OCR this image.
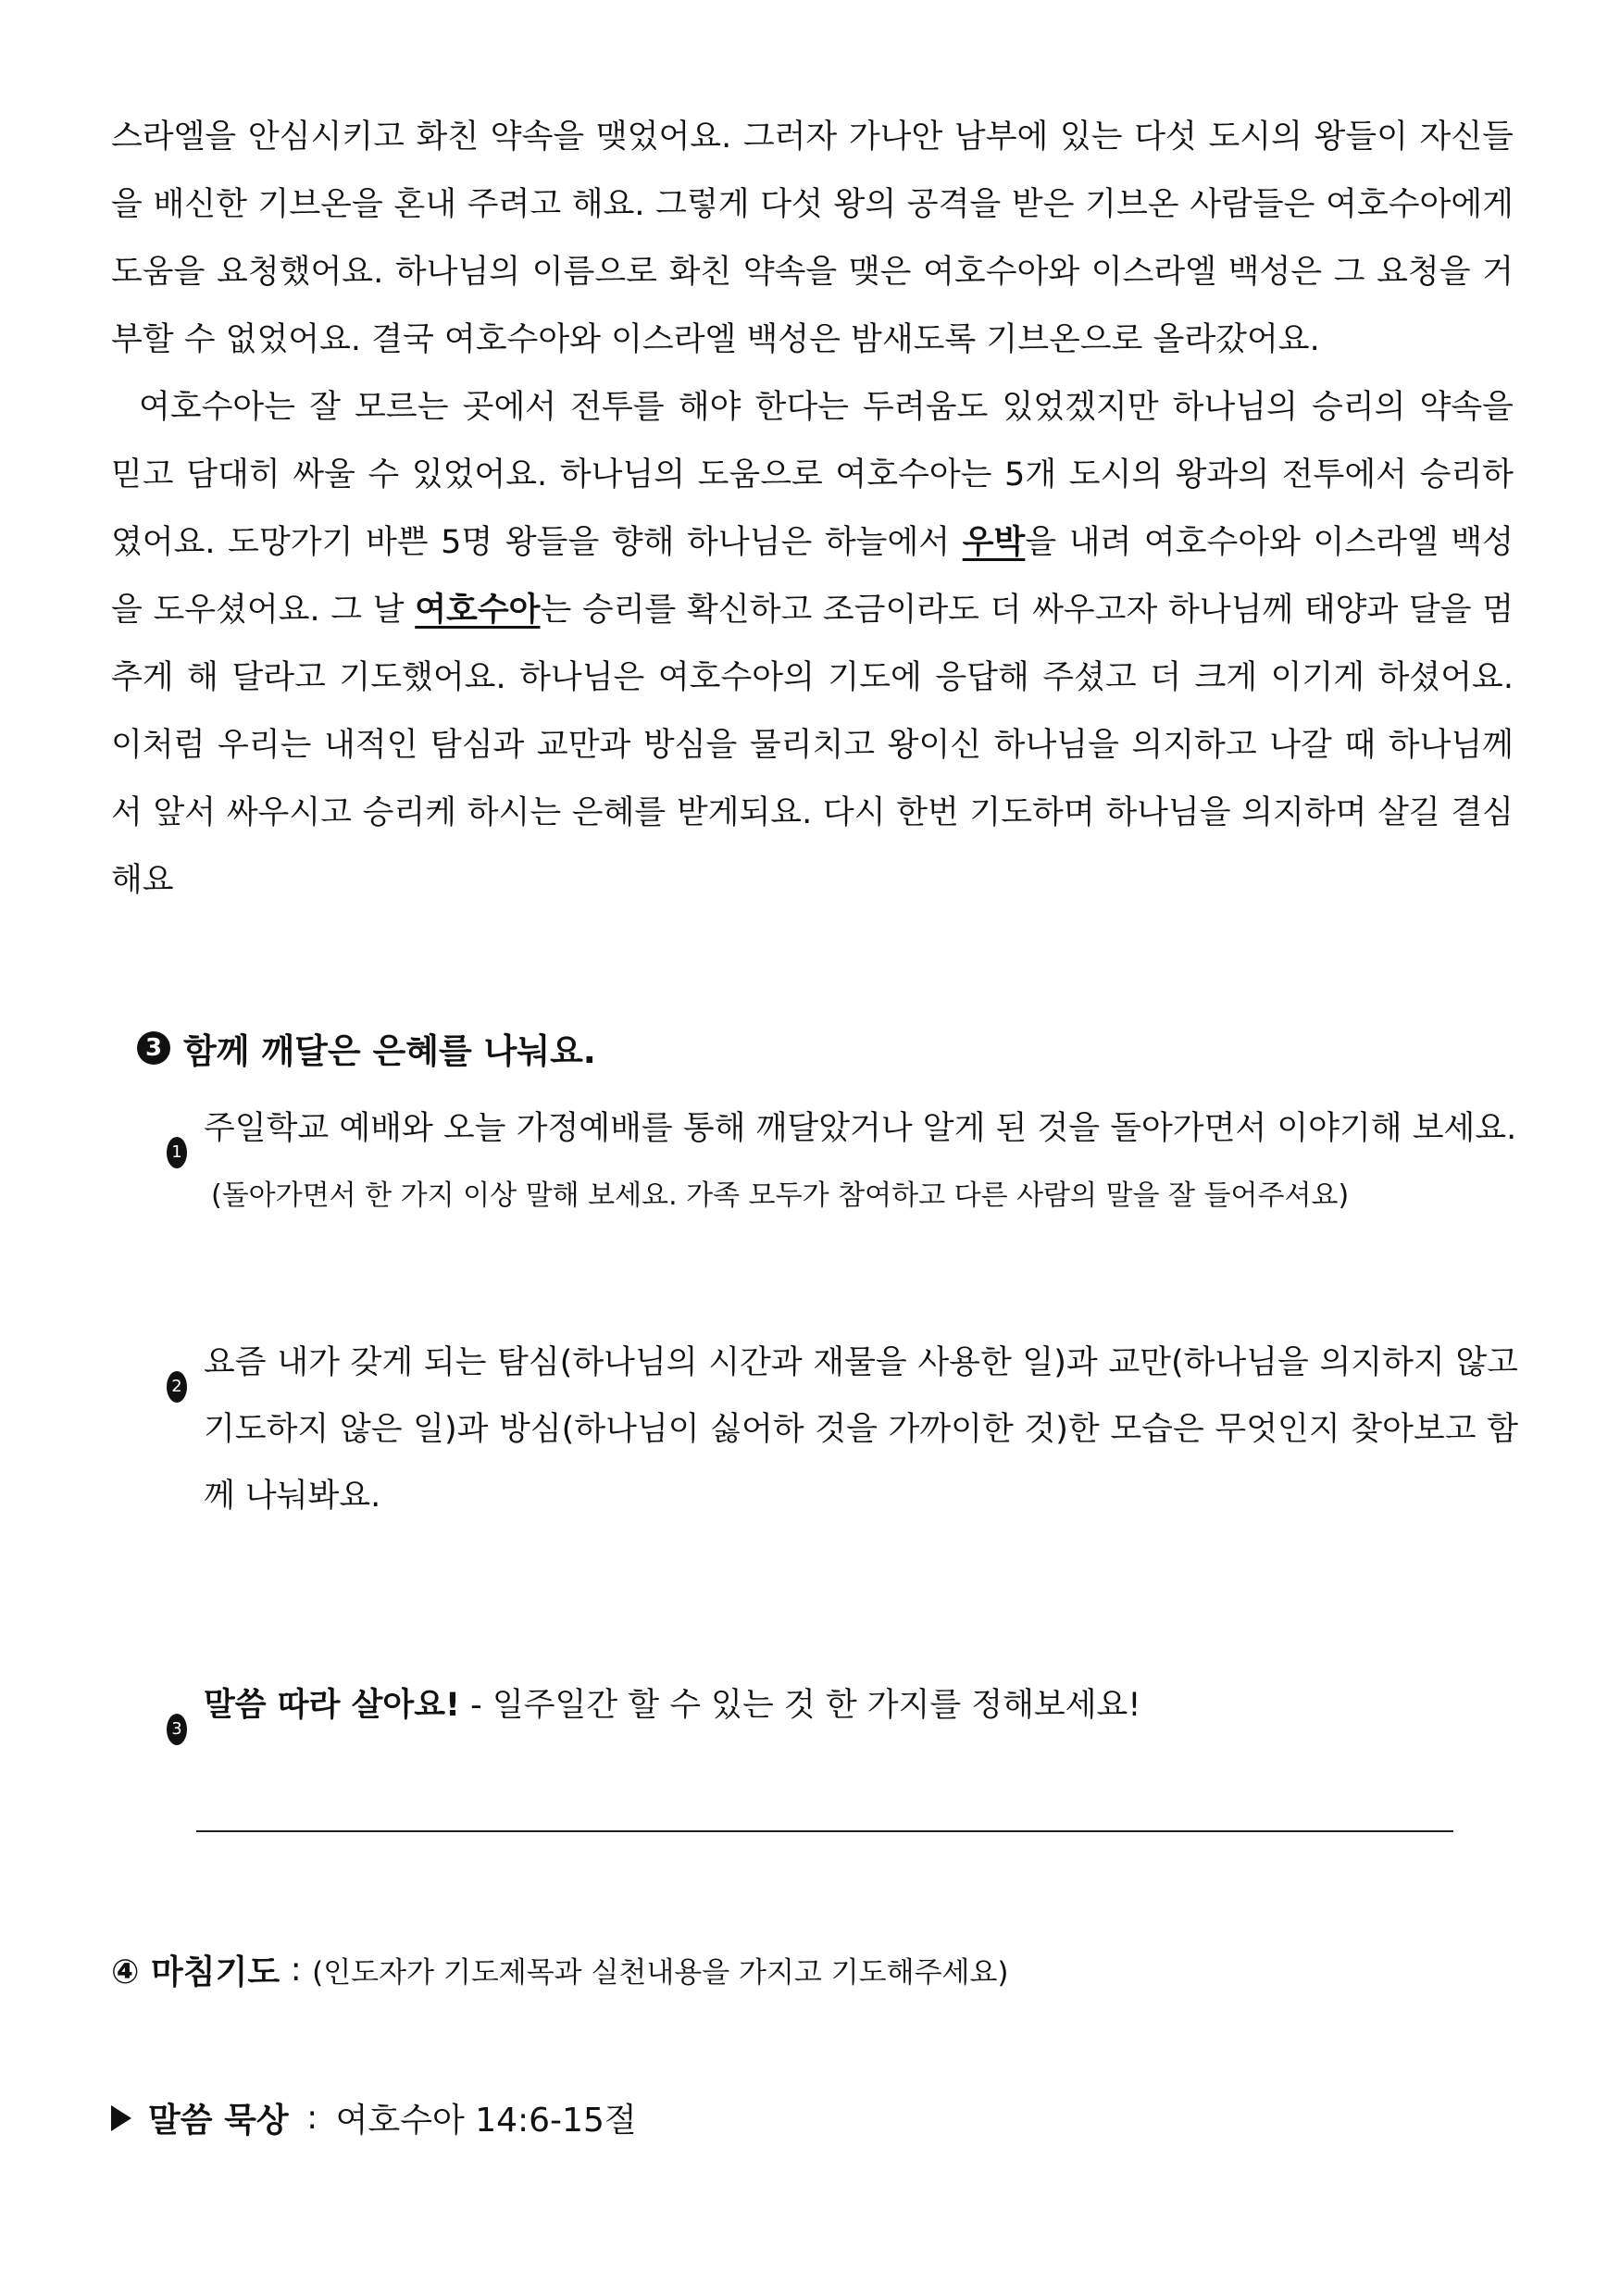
스라엘을 안심시키고 화친 약속을 맺었어요. 그러자 가나안 남부에 있는 다섯 도시의 왕들이 자신들을 배신한 기브온을 혼내 주려고 해요. 그렇게 다섯 왕의 공격을 받은 기브온 사람들은 여호수아에게 도움을 요청했어요. 하나님의 이름으로 화친 약속을 맺은 여호수아와 이스라엘 백성은 그 요청을 거부할 수 없었어요. 결국 여호수아와 이스라엘 백성은 밤새도록 기브온으로 올라갔어요.

여호수아는 잘 모르는 곳에서 전투를 해야 한다는 두려움도 있었겠지만 하나님의 승리의 약속을 믿고 담대히 싸울 수 있었어요. 하나님의 도움으로 여호수아는 5개 도시의 왕과의 전투에서 승리하였어요. 도망가기 바쁜 5명 왕들을 향해 하나님은 하늘에서 우박을 내려 여호수아와 이스라엘 백성을 도우셨어요. 그 날 여호수아는 승리를 확신하고 조금이라도 더 싸우고자 하나님께 태양과 달을 멈추게 해 달라고 기도했어요. 하나님은 여호수아의 기도에 응답해 주셨고 더 크게 이기게 하셨어요. 이처럼 우리는 내적인 탐심과 교만과 방심을 물리치고 왕이신 하나님을 의지하고 나갈 때 하나님께서 앞서 싸우시고 승리케 하시는 은혜를 받게되요. 다시 한번 기도하며 하나님을 의지하며 살길 결심해요

3 함께 깨달은 은혜를 나눠요.
1
주일학교 예배와 오늘 가정예배를 통해 깨달았거나 알게 된 것을 돌아가면서 이야기해 보세요.
(돌아가면서 한 가지 이상 말해 보세요. 가족 모두가 참여하고 다른 사람의 말을 잘 들어주셔요)
2
요즘 내가 갖게 되는 탐심(하나님의 시간과 재물을 사용한 일)과 교만(하나님을 의지하지 않고 기도하지 않은 일)과 방심(하나님이 싫어하 것을 가까이한 것)한 모습은 무엇인지 찾아보고 함께 나눠봐요.
3
말씀 따라 살아요! - 일주일간 할 수 있는 것 한 가지를 정해보세요!
④ 마침기도 : (인도자가 기도제목과 실천내용을 가지고 기도해주세요)
말씀 묵상 : 여호수아 14:6-15절
